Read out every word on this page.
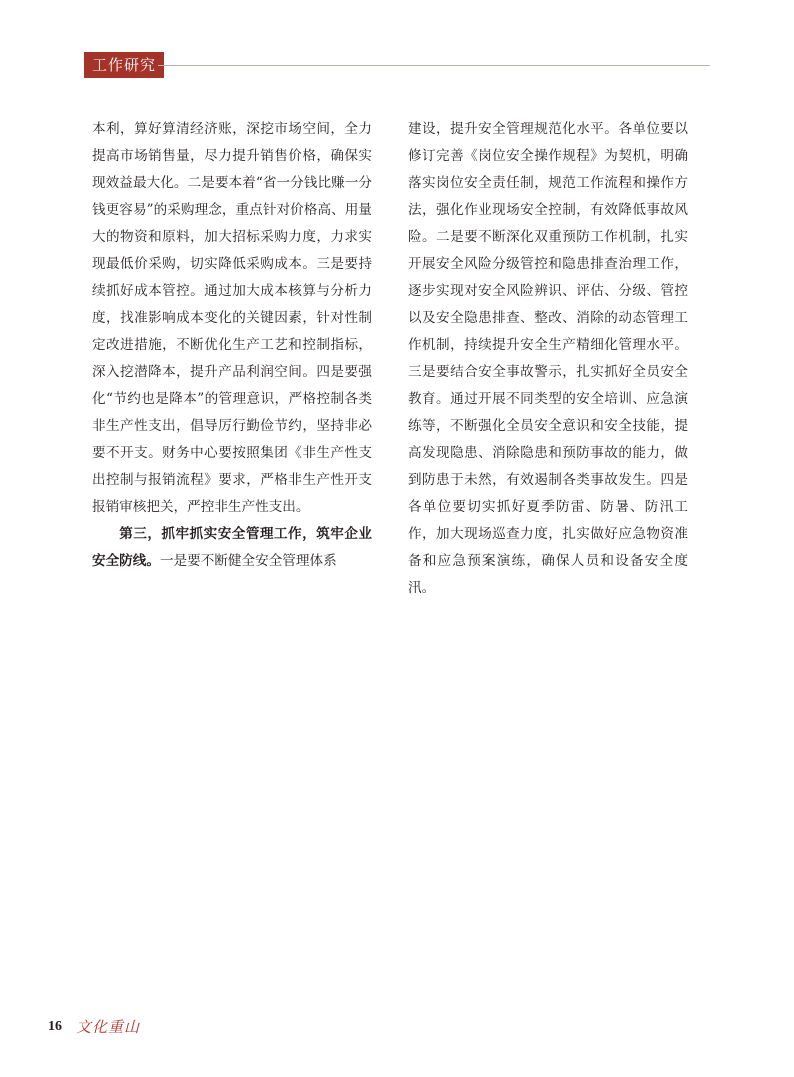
工作研究

本利，算好算清经济账，深挖市场空间，全力提高市场销售量，尽力提升销售价格，确保实现效益最大化。二是要本着“省一分钱比赚一分钱更容易”的采购理念，重点针对价格高、用量大的物资和原料，加大招标采购力度，力求实现最低价采购，切实降低采购成本。三是要持续抓好成本管控。通过加大成本核算与分析力度，找准影响成本变化的关键因素，针对性制定改进措施，不断优化生产工艺和控制指标，深入挖潜降本，提升产品利润空间。四是要强化“节约也是降本”的管理意识，严格控制各类非生产性支出，倡导厉行勤俭节约，坚持非必要不开支。财务中心要按照集团《非生产性支出控制与报销流程》要求，严格非生产性开支报销审核把关，严控非生产性支出。

第三，抓牢抓实安全管理工作，筑牢企业安全防线。一是要不断健全安全管理体系

建设，提升安全管理规范化水平。各单位要以修订完善《岗位安全操作规程》为契机，明确落实岗位安全责任制，规范工作流程和操作方法，强化作业现场安全控制，有效降低事故风险。二是要不断深化双重预防工作机制，扎实开展安全风险分级管控和隐患排查治理工作，逐步实现对安全风险辨识、评估、分级、管控以及安全隐患排查、整改、消除的动态管理工作机制，持续提升安全生产精细化管理水平。三是要结合安全事故警示，扎实抓好全员安全教育。通过开展不同类型的安全培训、应急演练等，不断强化全员安全意识和安全技能，提高发现隐患、消除隐患和预防事故的能力，做到防患于未然，有效遏制各类事故发生。四是各单位要切实抓好夏季防雷、防暑、防汛工作，加大现场巡查力度，扎实做好应急物资准备和应急预案演练，确保人员和设备安全度汛。

16 文化重山
